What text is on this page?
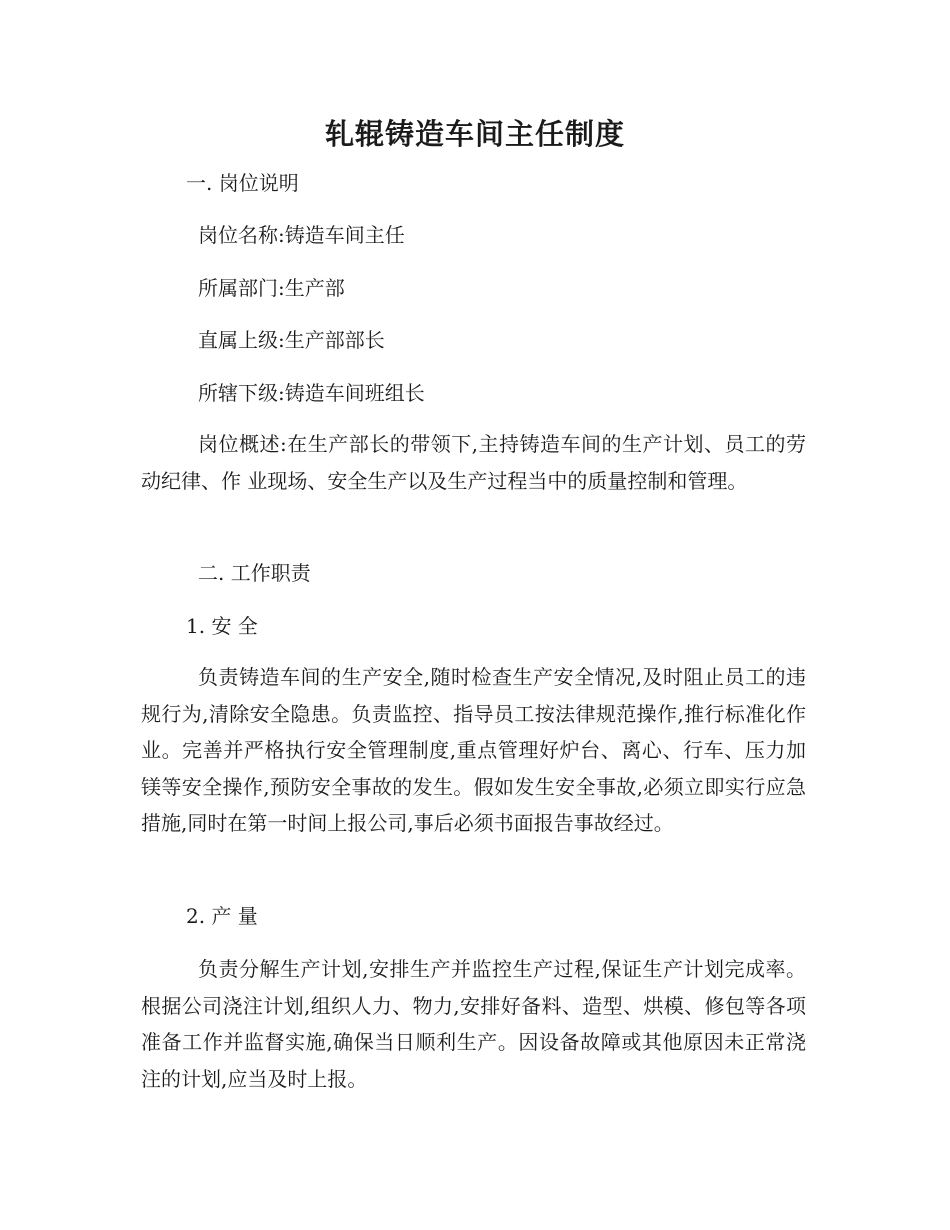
轧辊铸造车间主任制度

一. 岗位说明

岗位名称:铸造车间主任

所属部门:生产部

直属上级:生产部部长

所辖下级:铸造车间班组长

岗位概述:在生产部长的带领下,主持铸造车间的生产计划、员工的劳动纪律、作 业现场、安全生产以及生产过程当中的质量控制和管理。

二. 工作职责

1. 安 全

负责铸造车间的生产安全,随时检查生产安全情况,及时阻止员工的违规行为,清除安全隐患。负责监控、指导员工按法律规范操作,推行标准化作业。完善并严格执行安全管理制度,重点管理好炉台、离心、行车、压力加镁等安全操作,预防安全事故的发生。假如发生安全事故,必须立即实行应急措施,同时在第一时间上报公司,事后必须书面报告事故经过。

2. 产 量

负责分解生产计划,安排生产并监控生产过程,保证生产计划完成率。根据公司浇注计划,组织人力、物力,安排好备料、造型、烘模、修包等各项准备工作并监督实施,确保当日顺利生产。因设备故障或其他原因未正常浇注的计划,应当及时上报。
